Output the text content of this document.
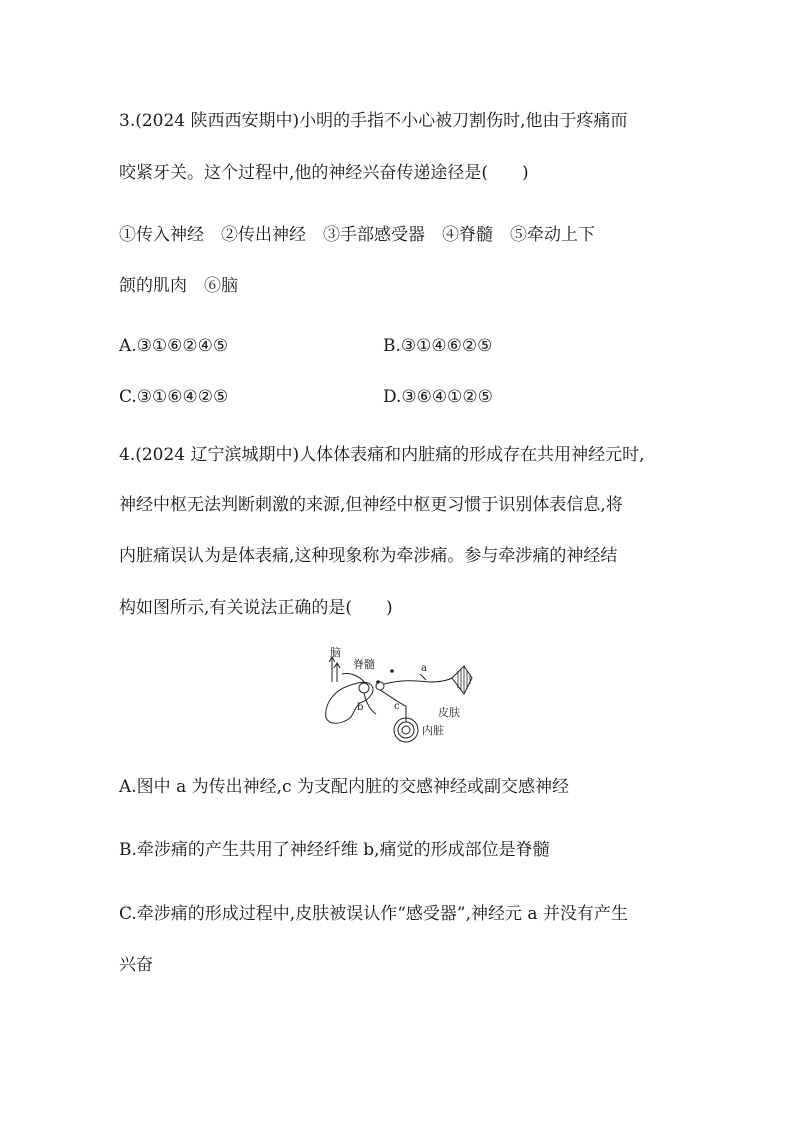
3.(2024 陕西西安期中)小明的手指不小心被刀割伤时,他由于疼痛而
咬紧牙关。这个过程中,他的神经兴奋传递途径是(　　)
①传入神经　②传出神经　③手部感受器　④脊髓　⑤牵动上下
颌的肌肉　⑥脑
A.③①⑥②④⑤	B.③①④⑥②⑤
C.③①⑥④②⑤	D.③⑥④①②⑤
4.(2024 辽宁滨城期中)人体体表痛和内脏痛的形成存在共用神经元时,
神经中枢无法判断刺激的来源,但神经中枢更习惯于识别体表信息,将
内脏痛误认为是体表痛,这种现象称为牵涉痛。参与牵涉痛的神经结
构如图所示,有关说法正确的是(　　)
脑
脊髓	a
b	c	皮肤
内脏
A.图中 a 为传出神经,c 为支配内脏的交感神经或副交感神经
B.牵涉痛的产生共用了神经纤维 b,痛觉的形成部位是脊髓
C.牵涉痛的形成过程中,皮肤被误认作“感受器”,神经元 a 并没有产生
兴奋
